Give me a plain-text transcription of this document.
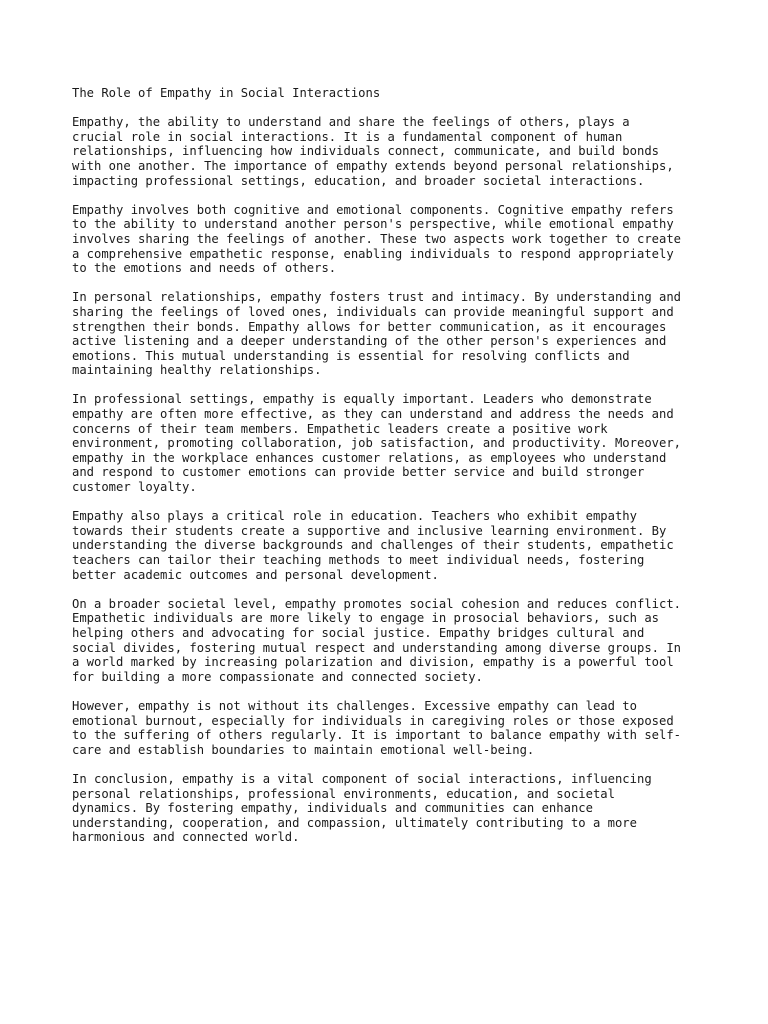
The Role of Empathy in Social Interactions
Empathy, the ability to understand and share the feelings of others, plays a
crucial role in social interactions. It is a fundamental component of human
relationships, influencing how individuals connect, communicate, and build bonds
with one another. The importance of empathy extends beyond personal relationships,
impacting professional settings, education, and broader societal interactions.
Empathy involves both cognitive and emotional components. Cognitive empathy refers
to the ability to understand another person's perspective, while emotional empathy
involves sharing the feelings of another. These two aspects work together to create
a comprehensive empathetic response, enabling individuals to respond appropriately
to the emotions and needs of others.
In personal relationships, empathy fosters trust and intimacy. By understanding and
sharing the feelings of loved ones, individuals can provide meaningful support and
strengthen their bonds. Empathy allows for better communication, as it encourages
active listening and a deeper understanding of the other person's experiences and
emotions. This mutual understanding is essential for resolving conflicts and
maintaining healthy relationships.
In professional settings, empathy is equally important. Leaders who demonstrate
empathy are often more effective, as they can understand and address the needs and
concerns of their team members. Empathetic leaders create a positive work
environment, promoting collaboration, job satisfaction, and productivity. Moreover,
empathy in the workplace enhances customer relations, as employees who understand
and respond to customer emotions can provide better service and build stronger
customer loyalty.
Empathy also plays a critical role in education. Teachers who exhibit empathy
towards their students create a supportive and inclusive learning environment. By
understanding the diverse backgrounds and challenges of their students, empathetic
teachers can tailor their teaching methods to meet individual needs, fostering
better academic outcomes and personal development.
On a broader societal level, empathy promotes social cohesion and reduces conflict.
Empathetic individuals are more likely to engage in prosocial behaviors, such as
helping others and advocating for social justice. Empathy bridges cultural and
social divides, fostering mutual respect and understanding among diverse groups. In
a world marked by increasing polarization and division, empathy is a powerful tool
for building a more compassionate and connected society.
However, empathy is not without its challenges. Excessive empathy can lead to
emotional burnout, especially for individuals in caregiving roles or those exposed
to the suffering of others regularly. It is important to balance empathy with self-
care and establish boundaries to maintain emotional well-being.
In conclusion, empathy is a vital component of social interactions, influencing
personal relationships, professional environments, education, and societal
dynamics. By fostering empathy, individuals and communities can enhance
understanding, cooperation, and compassion, ultimately contributing to a more
harmonious and connected world.
